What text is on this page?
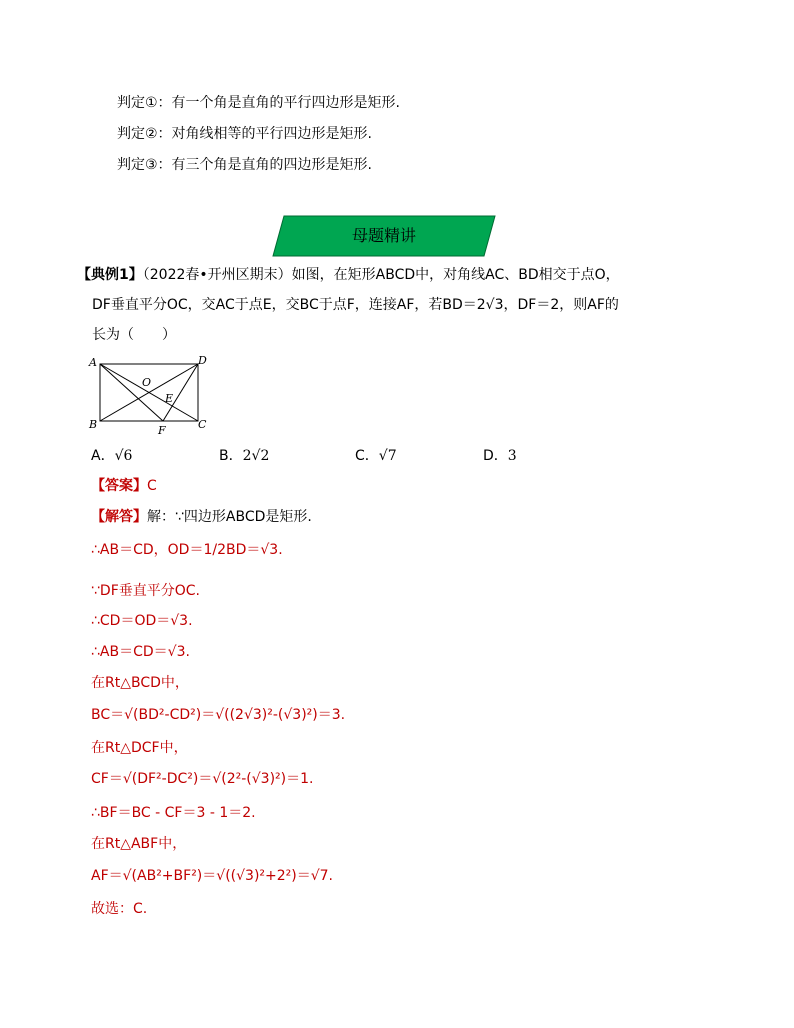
判定①：有一个角是直角的平行四边形是矩形.
判定②：对角线相等的平行四边形是矩形.
判定③：有三个角是直角的四边形是矩形.
母题精讲
【典例1】（2022春•开州区期末）如图，在矩形ABCD中，对角线AC、BD相交于点O，
DF垂直平分OC，交AC于点E，交BC于点F，连接AF，若BD＝2√3，DF＝2，则AF的
长为（　　）
A
B	C
D
O
E
F
A．√6	B．2√2	C．√7	D．3
【答案】C
【解答】解：∵四边形ABCD是矩形.
∴AB＝CD，OD＝1/2BD＝√3.
∵DF垂直平分OC.
∴CD＝OD＝√3.
∴AB＝CD＝√3.
在Rt△BCD中，
BC＝√(BD²-CD²)＝√((2√3)²-(√3)²)＝3.
在Rt△DCF中，
CF＝√(DF²-DC²)＝√(2²-(√3)²)＝1.
∴BF＝BC - CF＝3 - 1＝2.
在Rt△ABF中，
AF＝√(AB²+BF²)＝√((√3)²+2²)＝√7.
故选：C.
